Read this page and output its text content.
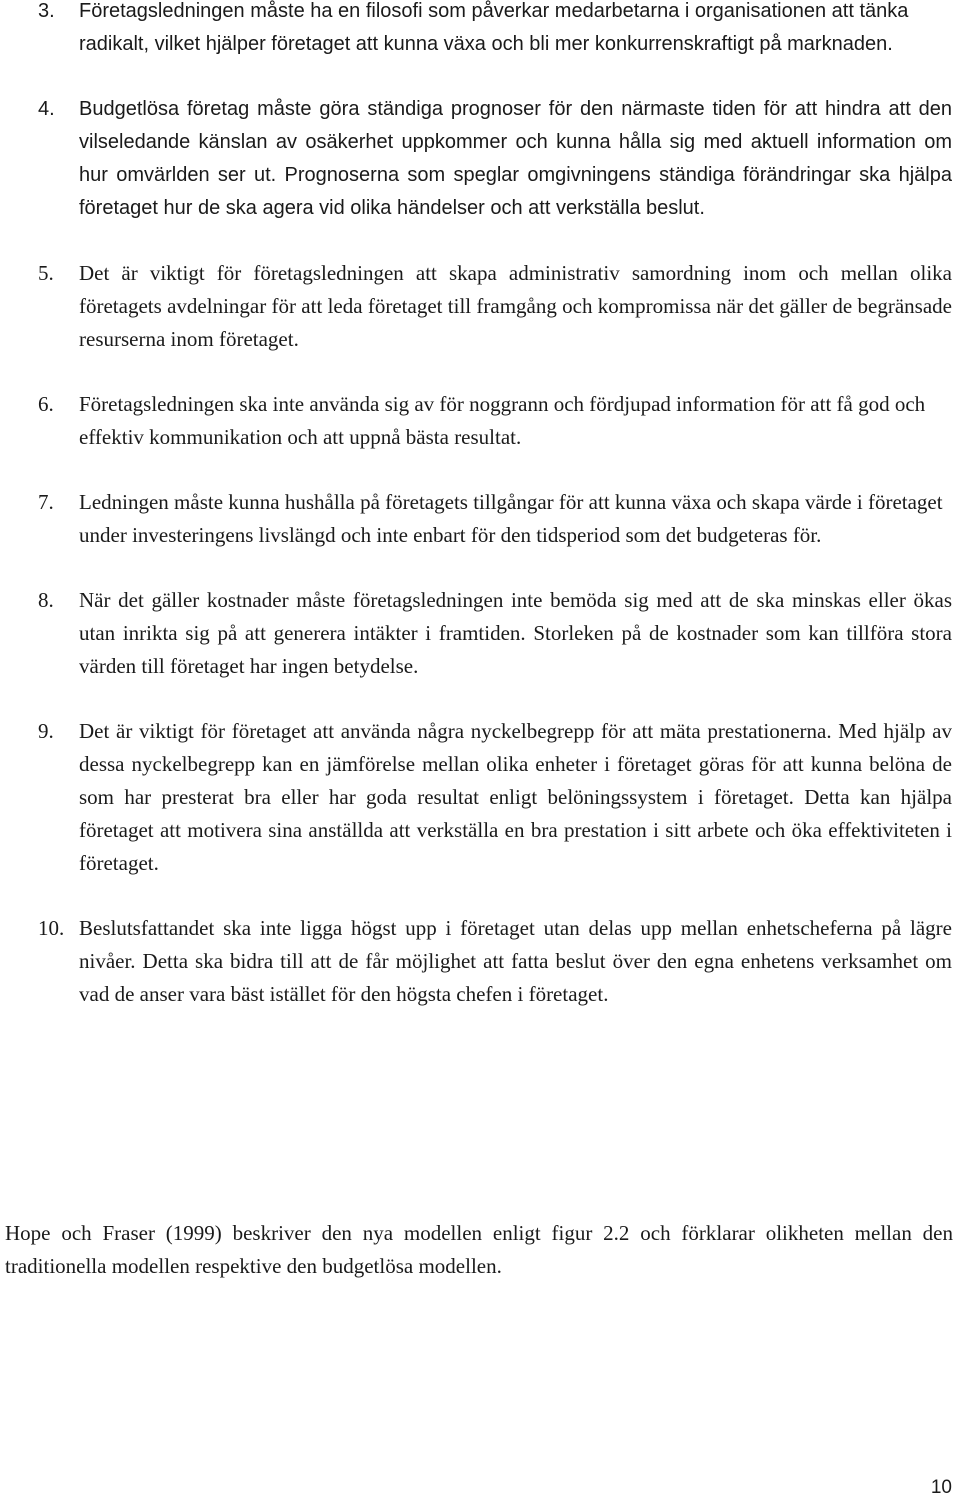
3. Företagsledningen måste ha en filosofi som påverkar medarbetarna i organisationen att tänka radikalt, vilket hjälper företaget att kunna växa och bli mer konkurrenskraftigt på marknaden.
4. Budgetlösa företag måste göra ständiga prognoser för den närmaste tiden för att hindra att den vilseledande känslan av osäkerhet uppkommer och kunna hålla sig med aktuell information om hur omvärlden ser ut. Prognoserna som speglar omgivningens ständiga förändringar ska hjälpa företaget hur de ska agera vid olika händelser och att verkställa beslut.
5. Det är viktigt för företagsledningen att skapa administrativ samordning inom och mellan olika företagets avdelningar för att leda företaget till framgång och kompromissa när det gäller de begränsade resurserna inom företaget.
6. Företagsledningen ska inte använda sig av för noggrann och fördjupad information för att få god och effektiv kommunikation och att uppnå bästa resultat.
7. Ledningen måste kunna hushålla på företagets tillgångar för att kunna växa och skapa värde i företaget under investeringens livslängd och inte enbart för den tidsperiod som det budgeteras för.
8. När det gäller kostnader måste företagsledningen inte bemöda sig med att de ska minskas eller ökas utan inrikta sig på att generera intäkter i framtiden. Storleken på de kostnader som kan tillföra stora värden till företaget har ingen betydelse.
9. Det är viktigt för företaget att använda några nyckelbegrepp för att mäta prestationerna. Med hjälp av dessa nyckelbegrepp kan en jämförelse mellan olika enheter i företaget göras för att kunna belöna de som har presterat bra eller har goda resultat enligt belöningssystem i företaget. Detta kan hjälpa företaget att motivera sina anställda att verkställa en bra prestation i sitt arbete och öka effektiviteten i företaget.
10. Beslutsfattandet ska inte ligga högst upp i företaget utan delas upp mellan enhetscheferna på lägre nivåer. Detta ska bidra till att de får möjlighet att fatta beslut över den egna enhetens verksamhet om vad de anser vara bäst istället för den högsta chefen i företaget.

Hope och Fraser (1999) beskriver den nya modellen enligt figur 2.2 och förklarar olikheten mellan den traditionella modellen respektive den budgetlösa modellen.

10
